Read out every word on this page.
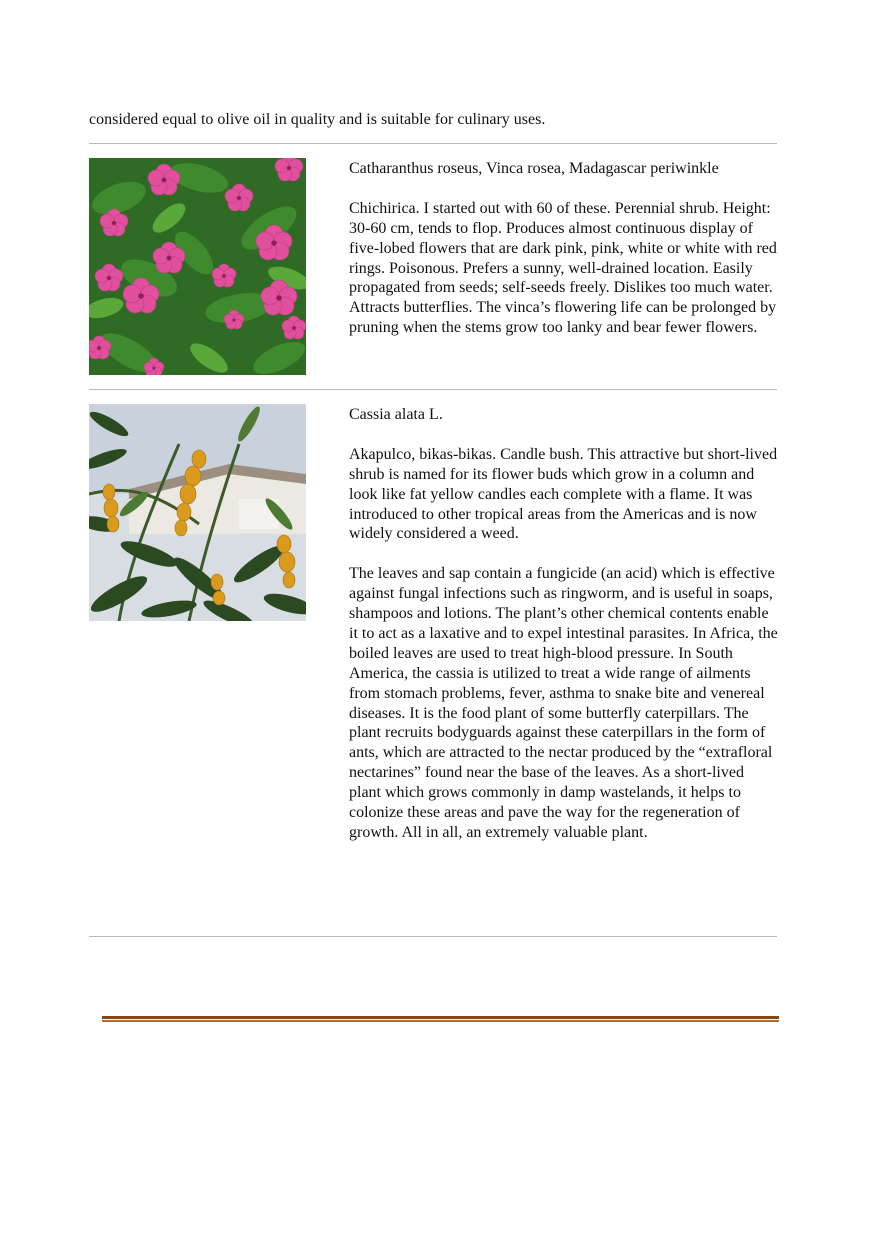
considered equal to olive oil in quality and is suitable for culinary uses.

Catharanthus roseus, Vinca rosea, Madagascar periwinkle

Chichirica. I started out with 60 of these. Perennial shrub. Height: 30-60 cm, tends to flop. Produces almost continuous display of five-lobed flowers that are dark pink, pink, white or white with red rings. Poisonous. Prefers a sunny, well-drained location. Easily propagated from seeds; self-seeds freely. Dislikes too much water. Attracts butterflies. The vinca’s flowering life can be prolonged by pruning when the stems grow too lanky and bear fewer flowers.

Cassia alata L.

Akapulco, bikas-bikas. Candle bush. This attractive but short-lived shrub is named for its flower buds which grow in a column and look like fat yellow candles each complete with a flame. It was introduced to other tropical areas from the Americas and is now widely considered a weed.

The leaves and sap contain a fungicide (an acid) which is effective against fungal infections such as ringworm, and is useful in soaps, shampoos and lotions. The plant’s other chemical contents enable it to act as a laxative and to expel intestinal parasites. In Africa, the boiled leaves are used to treat high-blood pressure. In South America, the cassia is utilized to treat a wide range of ailments from stomach problems, fever, asthma to snake bite and venereal diseases. It is the food plant of some butterfly caterpillars. The plant recruits bodyguards against these caterpillars in the form of ants, which are attracted to the nectar produced by the “extrafloral nectarines” found near the base of the leaves. As a short-lived plant which grows commonly in damp wastelands, it helps to colonize these areas and pave the way for the regeneration of growth. All in all, an extremely valuable plant.
